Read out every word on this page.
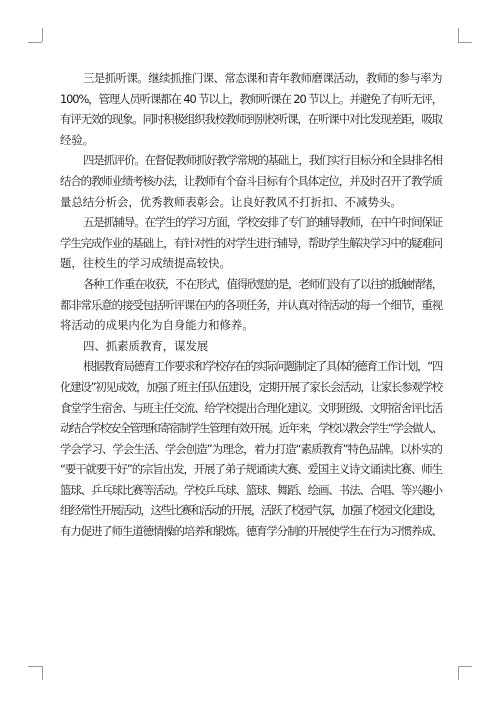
三是抓听课。继续抓推门课、常态课和青年教师磨课活动，教师的参与率为
100%，管理人员听课都在 40 节以上，教师听课在 20 节以上。并避免了有听无评，
有评无效的现象。同时积极组织我校教师到别校听课，在听课中对比发现差距，吸取
经验。
四是抓评价。在督促教师抓好教学常规的基础上，我们实行目标分和全县排名相
结合的教师业绩考核办法，让教师有个奋斗目标有个具体定位，并及时召开了教学质
量总结分析会，优秀教师表彰会。让良好教风不打折扣、不减势头。
五是抓辅导。在学生的学习方面，学校安排了专门的辅导教师，在中午时间保证
学生完成作业的基础上，有针对性的对学生进行辅导，帮助学生解决学习中的疑难问
题，往校生的学习成绩提高较快。
各种工作重在收获，不在形式，值得欣慰的是，老师们没有了以往的抵触情绪，
都非常乐意的接受包括听评课在内的各项任务，并认真对待活动的每一个细节，重视
将活动的成果内化为自身能力和修养。
四、抓素质教育，谋发展
根据教育局德育工作要求和学校存在的实际问题制定了具体的德育工作计划，“四
化建设”初见成效，加强了班主任队伍建设，定期开展了家长会活动，让家长参观学校
食堂学生宿舍、与班主任交流、给学校提出合理化建议。文明班级、文明宿舍评比活
动结合学校安全管理和寄宿制学生管理有效开展。近年来，学校以教会学生“学会做人、
学会学习、学会生活、学会创造”为理念，着力打造“素质教育”特色品牌。以朴实的
“要干就要干好”的宗旨出发，开展了弟子规诵读大赛、爱国主义诗文诵读比赛、师生
篮球、乒乓球比赛等活动。学校乒乓球、篮球、舞蹈、绘画、书法、合唱、等兴趣小
组经常性开展活动，这些比赛和活动的开展，活跃了校园气氛，加强了校园文化建设，
有力促进了师生道德情操的培养和锻炼。德育学分制的开展使学生在行为习惯养成、
